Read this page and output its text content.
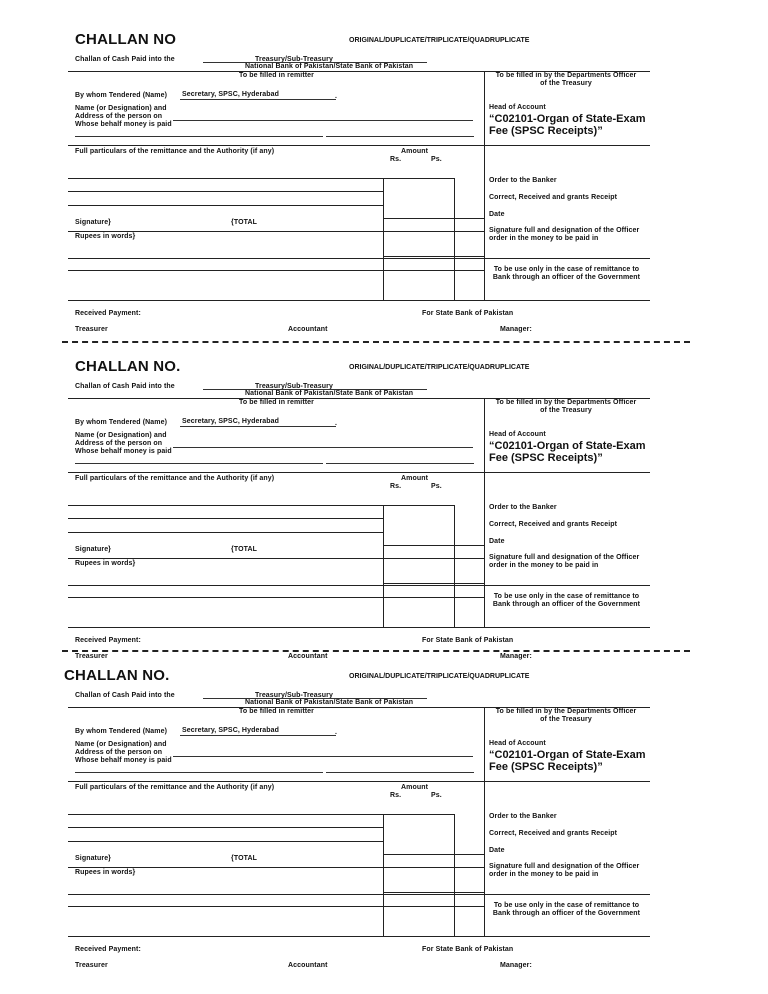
CHALLAN NO	ORIGINAL/DUPLICATE/TRIPLICATE/QUADRUPLICATE
Challan of Cash Paid into the	Treasury/Sub-Treasury
National Bank of Pakistan/State Bank of Pakistan
To be filled in remitter	To be filled in by the Departments Officer
of the Treasury
By whom Tendered (Name) Secretary, SPSC, Hyderabad	.
Name (or Designation) and
Address of the person on
Whose behalf money is paid
Head of Account
“C02101-Organ of State-Exam
Fee (SPSC Receipts)”
Full particulars of the remittance and the Authority (if any)	Amount
Rs.	Ps.
Order to the Banker
Correct, Received and grants Receipt
Date
Signature}	{TOTAL
Signature full and designation of the Officer
order in the money to be paid in
Rupees in words}
To be use only in the case of remittance to
Bank through an officer of the Government
Received Payment:	For State Bank of Pakistan
Treasurer	Accountant	Manager:
CHALLAN NO.	ORIGINAL/DUPLICATE/TRIPLICATE/QUADRUPLICATE
Challan of Cash Paid into the	Treasury/Sub-Treasury
National Bank of Pakistan/State Bank of Pakistan
To be filled in remitter	To be filled in by the Departments Officer
of the Treasury
By whom Tendered (Name) Secretary, SPSC, Hyderabad	.
Name (or Designation) and
Address of the person on
Whose behalf money is paid
Head of Account
“C02101-Organ of State-Exam
Fee (SPSC Receipts)”
Full particulars of the remittance and the Authority (if any)	Amount
Rs.	Ps.
Order to the Banker
Correct, Received and grants Receipt
Date
Signature}	{TOTAL
Signature full and designation of the Officer
order in the money to be paid in
Rupees in words}
To be use only in the case of remittance to
Bank through an officer of the Government
Received Payment:	For State Bank of Pakistan
Treasurer	Accountant	Manager:
CHALLAN NO.	ORIGINAL/DUPLICATE/TRIPLICATE/QUADRUPLICATE
Challan of Cash Paid into the	Treasury/Sub-Treasury
National Bank of Pakistan/State Bank of Pakistan
To be filled in remitter	To be filled in by the Departments Officer
of the Treasury
By whom Tendered (Name) Secretary, SPSC, Hyderabad	.
Name (or Designation) and
Address of the person on
Whose behalf money is paid
Head of Account
“C02101-Organ of State-Exam
Fee (SPSC Receipts)”
Full particulars of the remittance and the Authority (if any)	Amount
Rs.	Ps.
Order to the Banker
Correct, Received and grants Receipt
Date
Signature}	{TOTAL
Signature full and designation of the Officer
order in the money to be paid in
Rupees in words}
To be use only in the case of remittance to
Bank through an officer of the Government
Received Payment:	For State Bank of Pakistan
Treasurer	Accountant	Manager:
